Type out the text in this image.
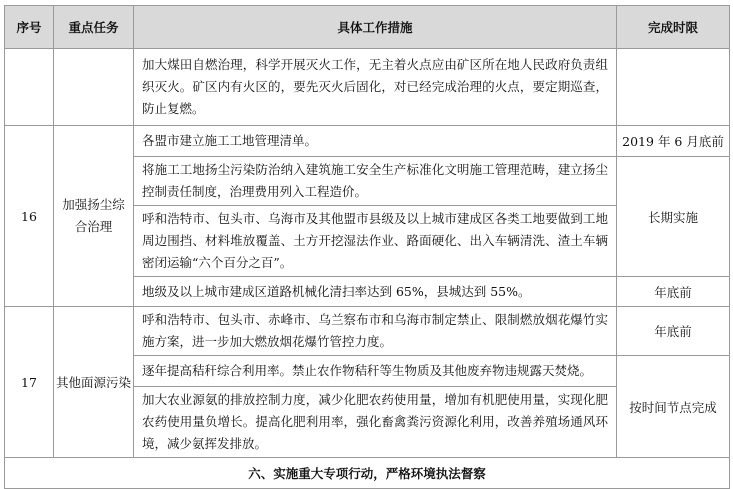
序号	重点任务	具体工作措施	完成时限
		加大煤田自燃治理，科学开展灭火工作，无主着火点应由矿区所在地人民政府负责组织灭火。矿区内有火区的，要先灭火后固化，对已经完成治理的火点，要定期巡查，防止复燃。	
16	加强扬尘综合治理	各盟市建立施工工地管理清单。	2019 年 6 月底前
		将施工工地扬尘污染防治纳入建筑施工安全生产标准化文明施工管理范畴，建立扬尘控制责任制度，治理费用列入工程造价。	长期实施
		呼和浩特市、包头市、乌海市及其他盟市县级及以上城市建成区各类工地要做到工地周边围挡、材料堆放覆盖、土方开挖湿法作业、路面硬化、出入车辆清洗、渣土车辆密闭运输“六个百分之百”。	
		地级及以上城市建成区道路机械化清扫率达到 65%，县城达到 55%。	年底前
17	其他面源污染	呼和浩特市、包头市、赤峰市、乌兰察布市和乌海市制定禁止、限制燃放烟花爆竹实施方案，进一步加大燃放烟花爆竹管控力度。	年底前
		逐年提高秸秆综合利用率。禁止农作物秸秆等生物质及其他废弃物违规露天焚烧。	按时间节点完成
		加大农业源氨的排放控制力度，减少化肥农药使用量，增加有机肥使用量，实现化肥农药使用量负增长。提高化肥利用率，强化畜禽粪污资源化利用，改善养殖场通风环境，减少氨挥发排放。	
六、实施重大专项行动，严格环境执法督察			
